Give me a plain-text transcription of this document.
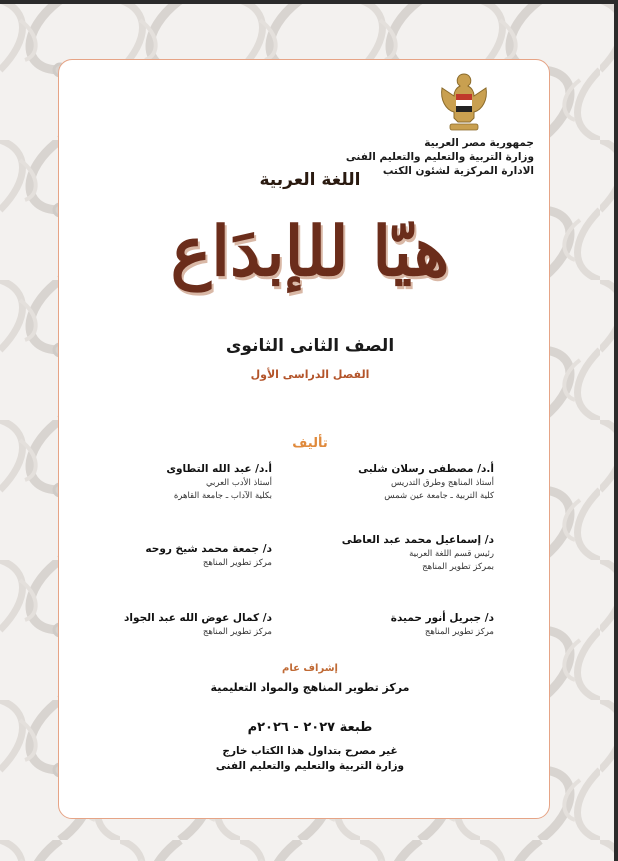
جمهورية مصر العربية
وزارة التربية والتعليم والتعليم الفنى
الادارة المركزية لشئون الكتب
اللغة العربية
هيّا للإبدَاع
الصف الثانى الثانوى
الفصل الدراسى الأول
تأليف
أ.د/ مصطفى رسلان شلبى
أستاذ المناهج وطرق التدريس
كلية التربية ـ جامعة عين شمس
د/ إسماعيل محمد عبد العاطى
رئيس قسم اللغة العربية
بمركز تطوير المناهج
د/ جبريل أنور حميدة
مركز تطوير المناهج
أ.د/ عبد الله التطاوى
أستاذ الأدب العربي
بكلية الآداب ـ جامعة القاهرة
د/ جمعة محمد شيخ روحه
مركز تطوير المناهج
د/ كمال عوض الله عبد الجواد
مركز تطوير المناهج
إشراف عام
مركز تطوير المناهج والمواد التعليمية
طبعة ٢٠٢٧ - ٢٠٢٦م
غير مصرح بتداول هذا الكتاب خارج
وزارة التربية والتعليم والتعليم الفنى
